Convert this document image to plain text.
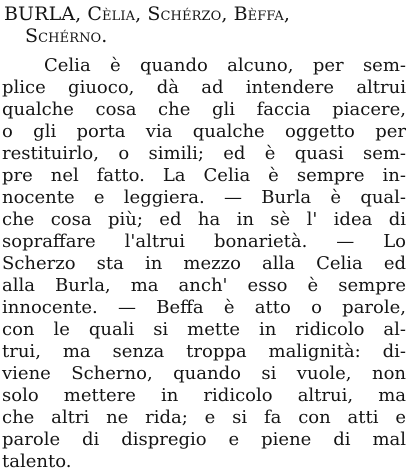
BURLA, Cèlia, Schérzo, Bèffa,
Schérno.
Celia è quando alcuno, per sem-
plice giuoco, dà ad intendere altrui
qualche cosa che gli faccia piacere,
o gli porta via qualche oggetto per
restituirlo, o simili; ed è quasi sem-
pre nel fatto. La Celia è sempre in-
nocente e leggiera. — Burla è qual-
che cosa più; ed ha in sè l' idea di
sopraffare l'altrui bonarietà. — Lo
Scherzo sta in mezzo alla Celia ed
alla Burla, ma anch' esso è sempre
innocente. — Beffa è atto o parole,
con le quali si mette in ridicolo al-
trui, ma senza troppa malignità: di-
viene Scherno, quando si vuole, non
solo mettere in ridicolo altrui, ma
che altri ne rida; e si fa con atti e
parole di dispregio e piene di mal
talento.
